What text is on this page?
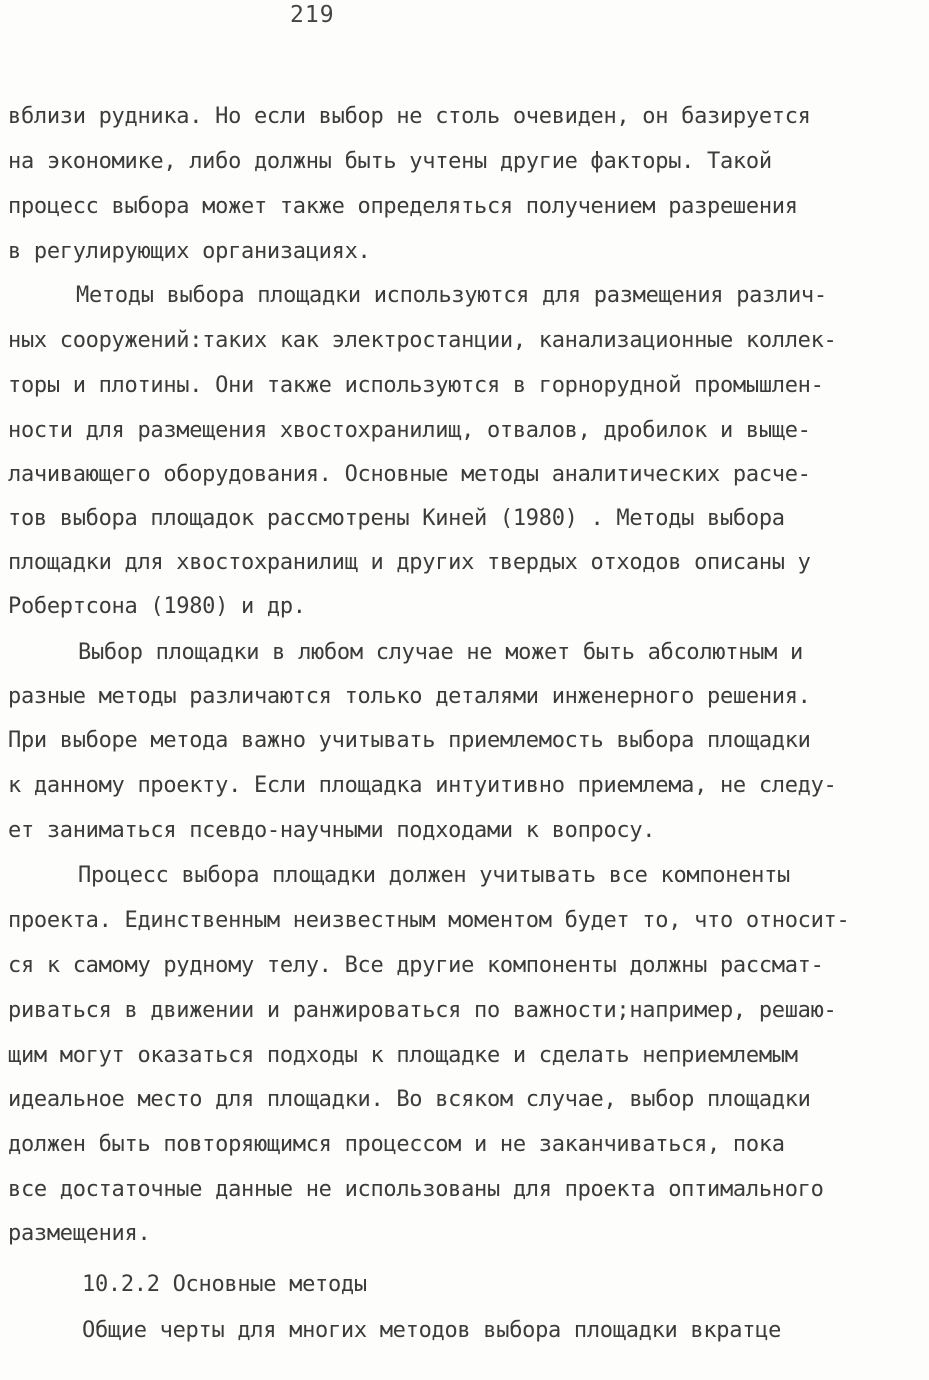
219
вблизи рудника. Но если выбор не столь очевиден, он базируется
на экономике, либо должны быть учтены другие факторы. Такой
процесс выбора может также определяться получением разрешения
в регулирующих организациях.
Методы выбора площадки используются для размещения различ-
ных сооружений:таких как электростанции, канализационные коллек-
торы и плотины. Они также используются в горнорудной промышлен-
ности для размещения хвостохранилищ, отвалов, дробилок и выще-
лачивающего оборудования. Основные методы аналитических расче-
тов выбора площадок рассмотрены Киней (1980) . Методы выбора
площадки для хвостохранилищ и других твердых отходов описаны у
Робертсона (1980) и др.
Выбор площадки в любом случае не может быть абсолютным и
разные методы различаются только деталями инженерного решения.
При выборе метода важно учитывать приемлемость выбора площадки
к данному проекту. Если площадка интуитивно приемлема, не следу-
ет заниматься псевдо-научными подходами к вопросу.
Процесс выбора площадки должен учитывать все компоненты
проекта. Единственным неизвестным моментом будет то, что относит-
ся к самому рудному телу. Все другие компоненты должны рассмат-
риваться в движении и ранжироваться по важности;например, решаю-
щим могут оказаться подходы к площадке и сделать неприемлемым
идеальное место для площадки. Во всяком случае, выбор площадки
должен быть повторяющимся процессом и не заканчиваться, пока
все достаточные данные не использованы для проекта оптимального
размещения.
10.2.2 Основные методы
Общие черты для многих методов выбора площадки вкратце
